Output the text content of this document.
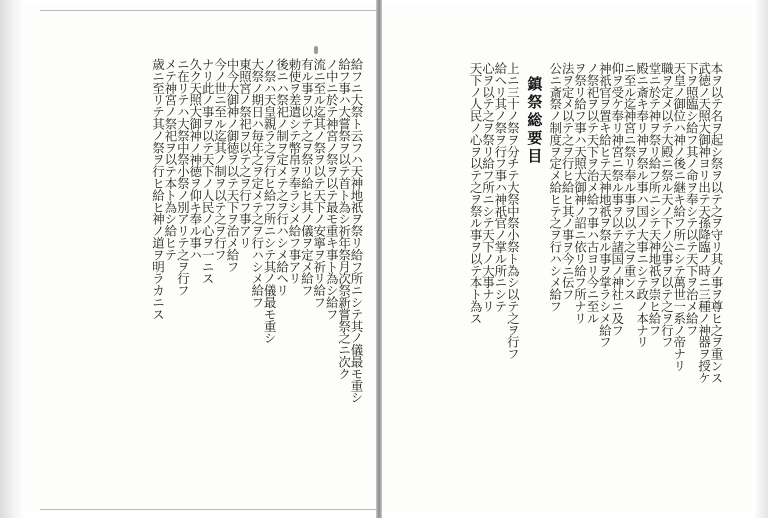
給フニ大祭ト云フハ天神地祇ヲ祭リ給フ所ニシテ其ノ儀最モ重シ
給フ事ハ大嘗祭ヲ以テ首ト為シ祈年祭月次祭新嘗祭之ニ次ク
ノ中ニ於テ神宮ノ祭ヲ以テ最モ重キ事ト為シ給フ
流ニ至ル迄其ノ祭ヲ以テ天下ノ安寧ヲ祈リ給フ
有ル事ヲ以テ之ヲ祭リ給ヒ其ノ儀ヲ定メ給フ
勅使ヲ差遣シテ幣帛ヲ奉ラシメ給フ事アリ
後ニハ祭祀ノ制ヲ定メテ之ヲ行ハシメ給ヘリ
ノ祭ハ天皇親ラ之ヲ行ヒ給フ所ニシテ其ノ儀最モ重シ
大祭ノ期日ハ毎年之ヲ定メテ之ヲ行ハシメ給フ
東照宮ノ祭祀ヲ以テ之ヲ行フ事アリ
中今大御神ノ御徳ヲ以テ天下ヲ治メ給フ
今ノ世ニ至ル迄其ノ制ヲ以テ之ヲ行フ
ナリ此ノ事ヲ以テ天下ノ人民ノ心ヲ一ニス
久ク天照大御神ノ神徳ヲ仰キ奉ル事ハ
ニ在リテハ大祭中祭小祭ノ別アリテ之ヲ行フ
メテ神宮ノ祭祀ヲ以テ本ト為シ給ヒテ
歳ニ至リテ其ノ祭ヲ行ヒ給ヒ神ノ道ヲ明ラカニス	本ヲ以テ名ヲ起シ祭ヲ以テ之ヲ守リ其ノ事ヲ尊ヒ之ヲ重ンス
武徳ノ天照大御神ヨリ出テ天孫降臨ノ時ニ三種ノ神器ヲ授ケ
下ヲ照臨シ給フ其ノ命ヲ奉シテ以テ天下ヲ治メ給フ
天皇ノ御位ハ神ノ後ニ継キ給フ所ニシテ萬世一系ノ帝ナリ
職ヲ定メ以テ大殿ニ祭ル天ノ下ノ公事ヲ以テ之ヲ行フ
堂ニ於テ神ヲ祭リ給フ所ニシテ天神地祇ヲ崇ヒ給フ
殿ニ斎キ奉リ神ヲ祭ル事ハ国ノ大事ニシテ政ノ本ナリ
ニ至ル迄神宮ニ祭リ奉ル事ヲ以テ之ヲ重ンス
仰ヲ受ケ奉リ神宮ニ祭ル事ヲ以テ諸国ノ神社ニ及フ
神祇官ヲ置キ給ヒテ天神地祇ヲ祭ル事ヲ掌ラシメ給フ
ノ祭祀ヲ以テ天下ヲ治メ給フ事ハ古ヨリ今ニ至ル
ヲ祭リ給フ事ハ天照大御神ノ詔ニ依リ給フ所ナリ
法ヲ定メ以テ之ヲ行ヒ給ヒ其ノ事ヲ今ニ伝フ
公ニ斎祭ノ制度ヲ定メ給ヒテ之ヲ行ハシメ給フ
鎮祭総要目
上ニ三十ノ祭ヲ分チテ大祭中祭小祭ト為シ以テ之ヲ行フ
給ヘリ其ノ祭ヲ行フ事ハ神祇官ノ掌ル所ニシテ
心ヲ以テ之ヲ祭リ給フ所ニシテ天下ノ大事ナリ
天下ノ人民ノ心ヲ以テ之ヲ祭ル事ヲ以テ本ト為ス
